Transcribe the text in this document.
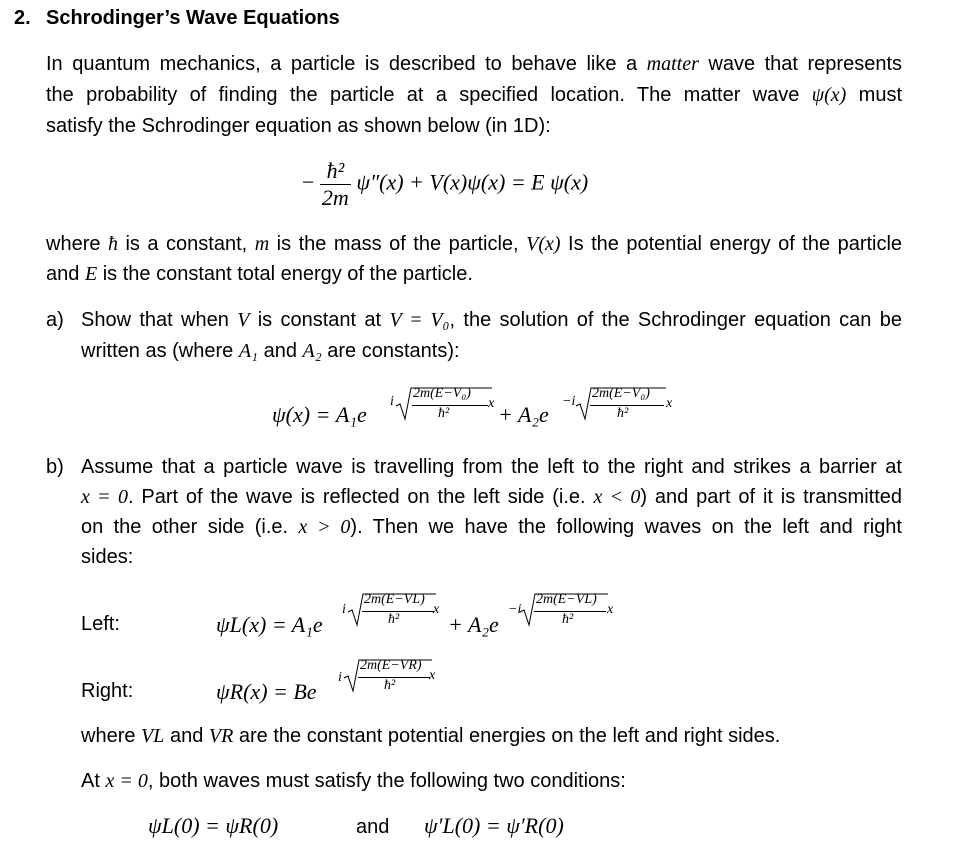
2. Schrodinger’s Wave Equations
In quantum mechanics, a particle is described to behave like a matter wave that represents
the probability of finding the particle at a specified location. The matter wave ψ(x) must
satisfy the Schrodinger equation as shown below (in 1D):
− $\frac{\text{ħ²}}{2m} \psi''(x) + V(x)\psi(x) = E$ ψ(x)
where ħ is a constant, m is the mass of the particle, V(x) Is the potential energy of the particle
and E is the constant total energy of the particle.
a) Show that when V is constant at V = V₀, the solution of the Schrodinger equation can be
written as (where A₁ and A₂ are constants):
ψ(x) = A₁e
i
2m(E−V₀)
ħ²
x + A₂e
−i
2m(E−V₀)
ħ²
x
b) Assume that a particle wave is travelling from the left to the right and strikes a barrier at
x = 0. Part of the wave is reflected on the left side (i.e. x < 0) and part of it is transmitted
on the other side (i.e. x > 0). Then we have the following waves on the left and right
sides:
Left:	ψL(x) = A₁e
i
2m(E−VL)
ħ²
x
+ A₂e
−i
2m(E−VL)
ħ²
x
Right:	ψR(x) = Be
i
2m(E−VR)
ħ²
x
where VL and VR are the constant potential energies on the left and right sides.
At x = 0, both waves must satisfy the following two conditions:
ψL(0) = ψR(0)	and ψ′L(0) = ψ′R(0)
